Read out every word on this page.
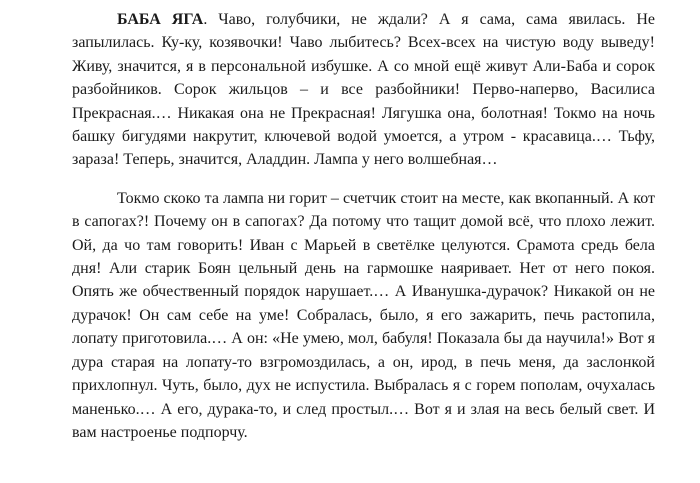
БАБА ЯГА. Чаво, голубчики, не ждали? А я сама, сама явилась. Не запылилась. Ку-ку, козявочки! Чаво лыбитесь? Всех-всех на чистую воду выведу! Живу, значится, я в персональной избушке. А со мной ещё живут Али-Баба и сорок разбойников. Сорок жильцов – и все разбойники! Перво-наперво, Василиса Прекрасная.… Никакая она не Прекрасная! Лягушка она, болотная! Токмо на ночь башку бигудями накрутит, ключевой водой умоется, а утром - красавица.… Тьфу, зараза! Теперь, значится, Аладдин. Лампа у него волшебная…

Токмо скоко та лампа ни горит – счетчик стоит на месте, как вкопанный. А кот в сапогах?! Почему он в сапогах? Да потому что тащит домой всё, что плохо лежит. Ой, да чо там говорить! Иван с Марьей в светёлке целуются. Срамота средь бела дня! Али старик Боян цельный день на гармошке наяривает. Нет от него покоя. Опять же обчественный порядок нарушает.… А Иванушка-дурачок? Никакой он не дурачок! Он сам себе на уме! Собралась, было, я его зажарить, печь растопила, лопату приготовила.… А он: «Не умею, мол, бабуля! Показала бы да научила!» Вот я дура старая на лопату-то взгромоздилась, а он, ирод, в печь меня, да заслонкой прихлопнул. Чуть, было, дух не испустила. Выбралась я с горем пополам, очухалась маненько.… А его, дурака-то, и след простыл.… Вот я и злая на весь белый свет. И вам настроенье подпорчу.
